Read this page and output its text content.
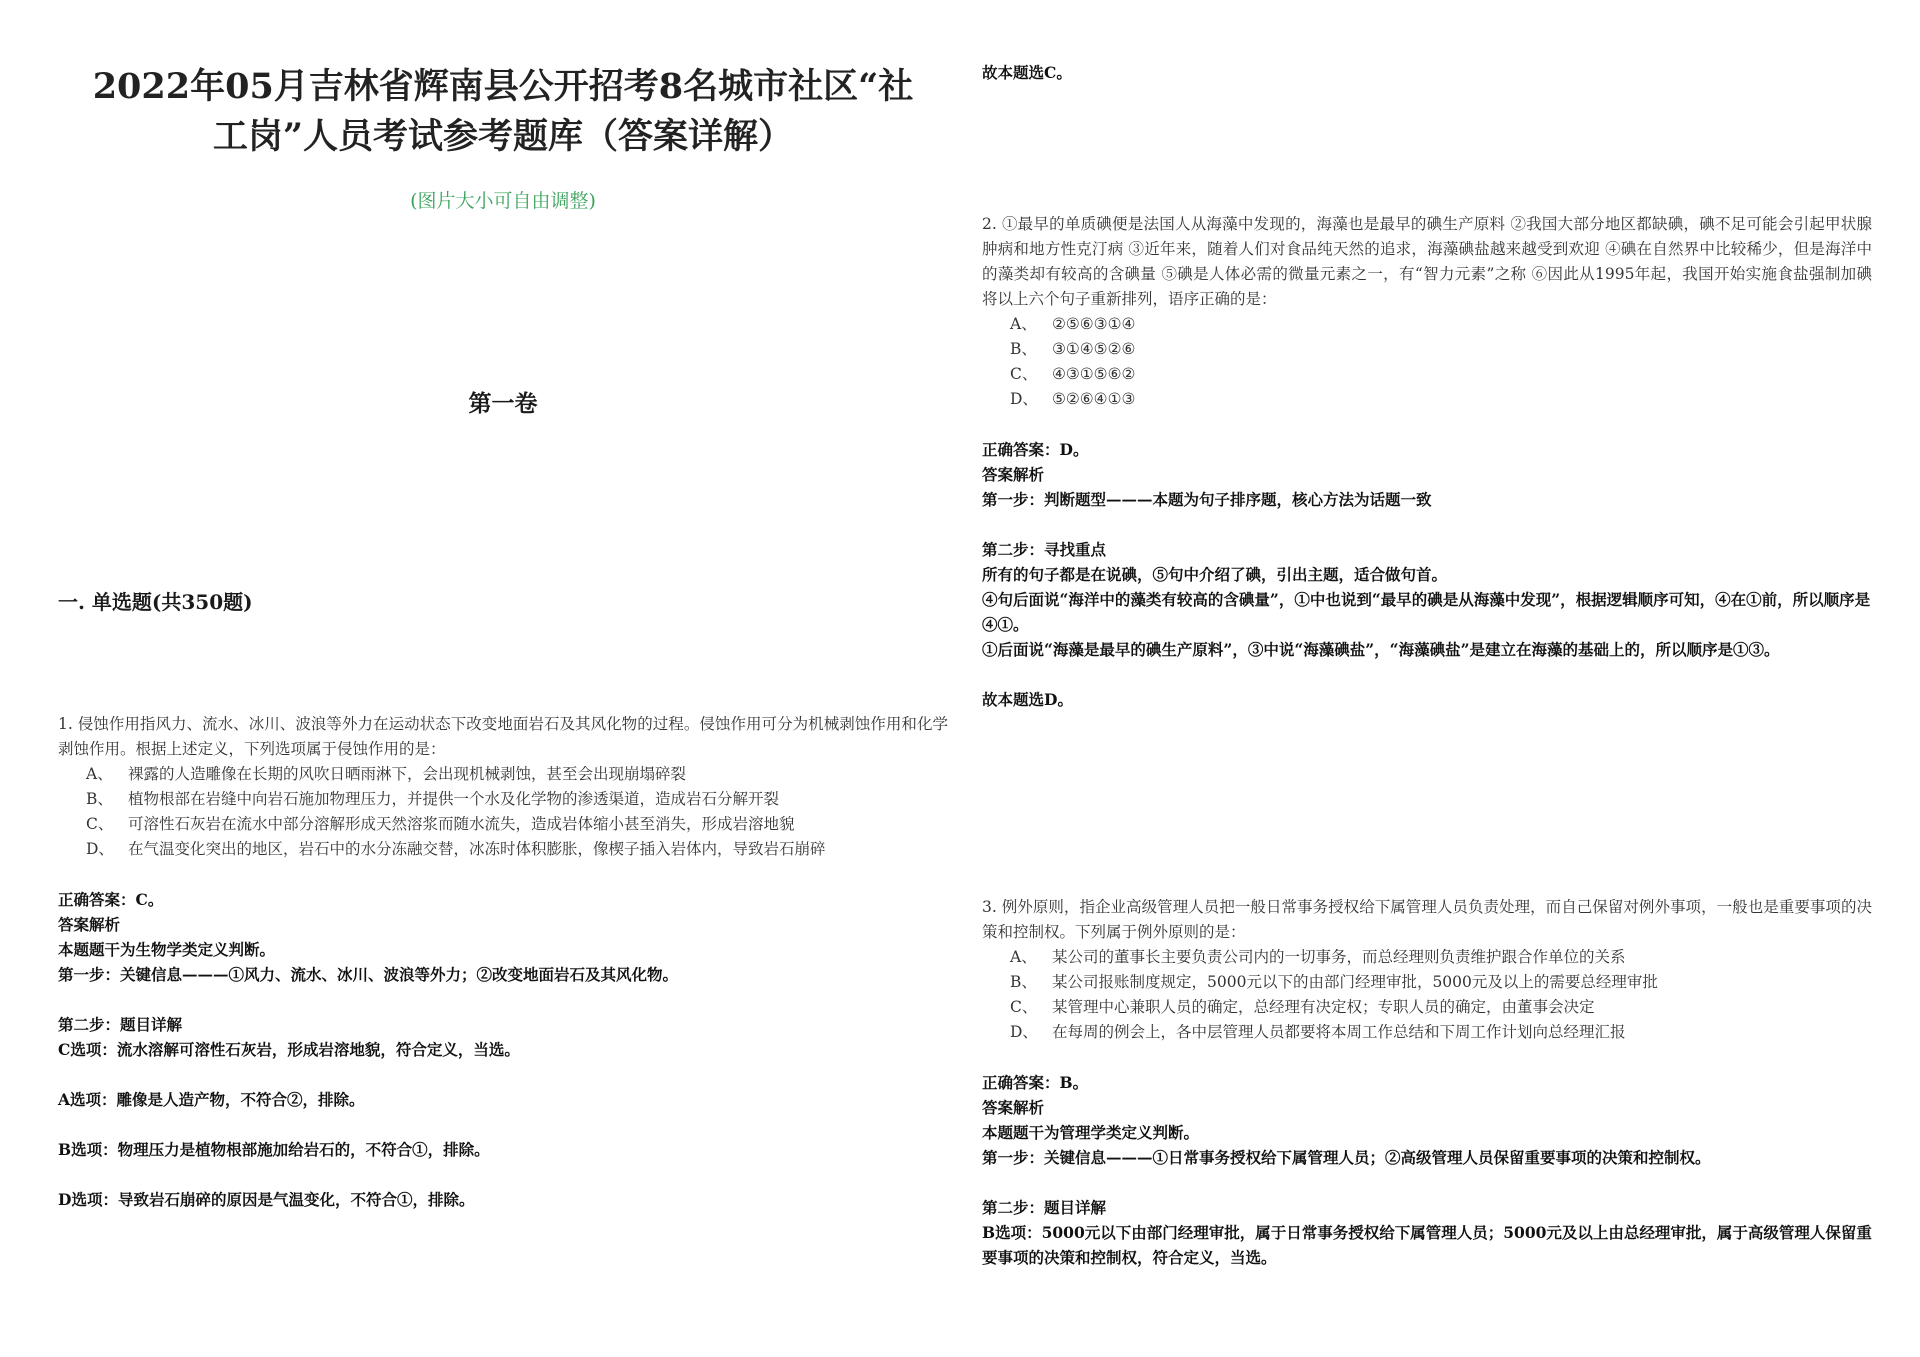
2022年05月吉林省辉南县公开招考8名城市社区“社
工岗”人员考试参考题库（答案详解）
(图片大小可自由调整)
第一卷
一. 单选题(共350题)

1. 侵蚀作用指风力、流水、冰川、波浪等外力在运动状态下改变地面岩石及其风化物的过程。侵蚀作用可分为机械剥蚀作用和化学剥蚀作用。根据上述定义，下列选项属于侵蚀作用的是：

A、 裸露的人造雕像在长期的风吹日晒雨淋下，会出现机械剥蚀，甚至会出现崩塌碎裂

B、 植物根部在岩缝中向岩石施加物理压力，并提供一个水及化学物的渗透渠道，造成岩石分解开裂

C、 可溶性石灰岩在流水中部分溶解形成天然溶浆而随水流失，造成岩体缩小甚至消失，形成岩溶地貌

D、 在气温变化突出的地区，岩石中的水分冻融交替，冰冻时体积膨胀，像楔子插入岩体内，导致岩石崩碎

正确答案：C。

答案解析

本题题干为生物学类定义判断。

第一步：关键信息———①风力、流水、冰川、波浪等外力；②改变地面岩石及其风化物。

第二步：题目详解

C选项：流水溶解可溶性石灰岩，形成岩溶地貌，符合定义，当选。

A选项：雕像是人造产物，不符合②，排除。

B选项：物理压力是植物根部施加给岩石的，不符合①，排除。

D选项：导致岩石崩碎的原因是气温变化，不符合①，排除。

故本题选C。

2. ①最早的单质碘便是法国人从海藻中发现的，海藻也是最早的碘生产原料 ②我国大部分地区都缺碘，碘不足可能会引起甲状腺肿病和地方性克汀病 ③近年来，随着人们对食品纯天然的追求，海藻碘盐越来越受到欢迎 ④碘在自然界中比较稀少，但是海洋中的藻类却有较高的含碘量 ⑤碘是人体必需的微量元素之一，有“智力元素”之称 ⑥因此从1995年起，我国开始实施食盐强制加碘 将以上六个句子重新排列，语序正确的是：

A、 ②⑤⑥③①④

B、 ③①④⑤②⑥

C、 ④③①⑤⑥②

D、 ⑤②⑥④①③

正确答案：D。

答案解析

第一步：判断题型———本题为句子排序题，核心方法为话题一致

第二步：寻找重点

所有的句子都是在说碘，⑤句中介绍了碘，引出主题，适合做句首。

④句后面说“海洋中的藻类有较高的含碘量”，①中也说到“最早的碘是从海藻中发现”，根据逻辑顺序可知，④在①前，所以顺序是④①。

①后面说“海藻是最早的碘生产原料”，③中说“海藻碘盐”，“海藻碘盐”是建立在海藻的基础上的，所以顺序是①③。

故本题选D。

3. 例外原则，指企业高级管理人员把一般日常事务授权给下属管理人员负责处理，而自己保留对例外事项，一般也是重要事项的决策和控制权。下列属于例外原则的是：

A、 某公司的董事长主要负责公司内的一切事务，而总经理则负责维护跟合作单位的关系

B、 某公司报账制度规定，5000元以下的由部门经理审批，5000元及以上的需要总经理审批

C、 某管理中心兼职人员的确定，总经理有决定权；专职人员的确定，由董事会决定

D、 在每周的例会上，各中层管理人员都要将本周工作总结和下周工作计划向总经理汇报

正确答案：B。

答案解析

本题题干为管理学类定义判断。

第一步：关键信息———①日常事务授权给下属管理人员；②高级管理人员保留重要事项的决策和控制权。

第二步：题目详解

B选项：5000元以下由部门经理审批，属于日常事务授权给下属管理人员；5000元及以上由总经理审批，属于高级管理人保留重要事项的决策和控制权，符合定义，当选。
